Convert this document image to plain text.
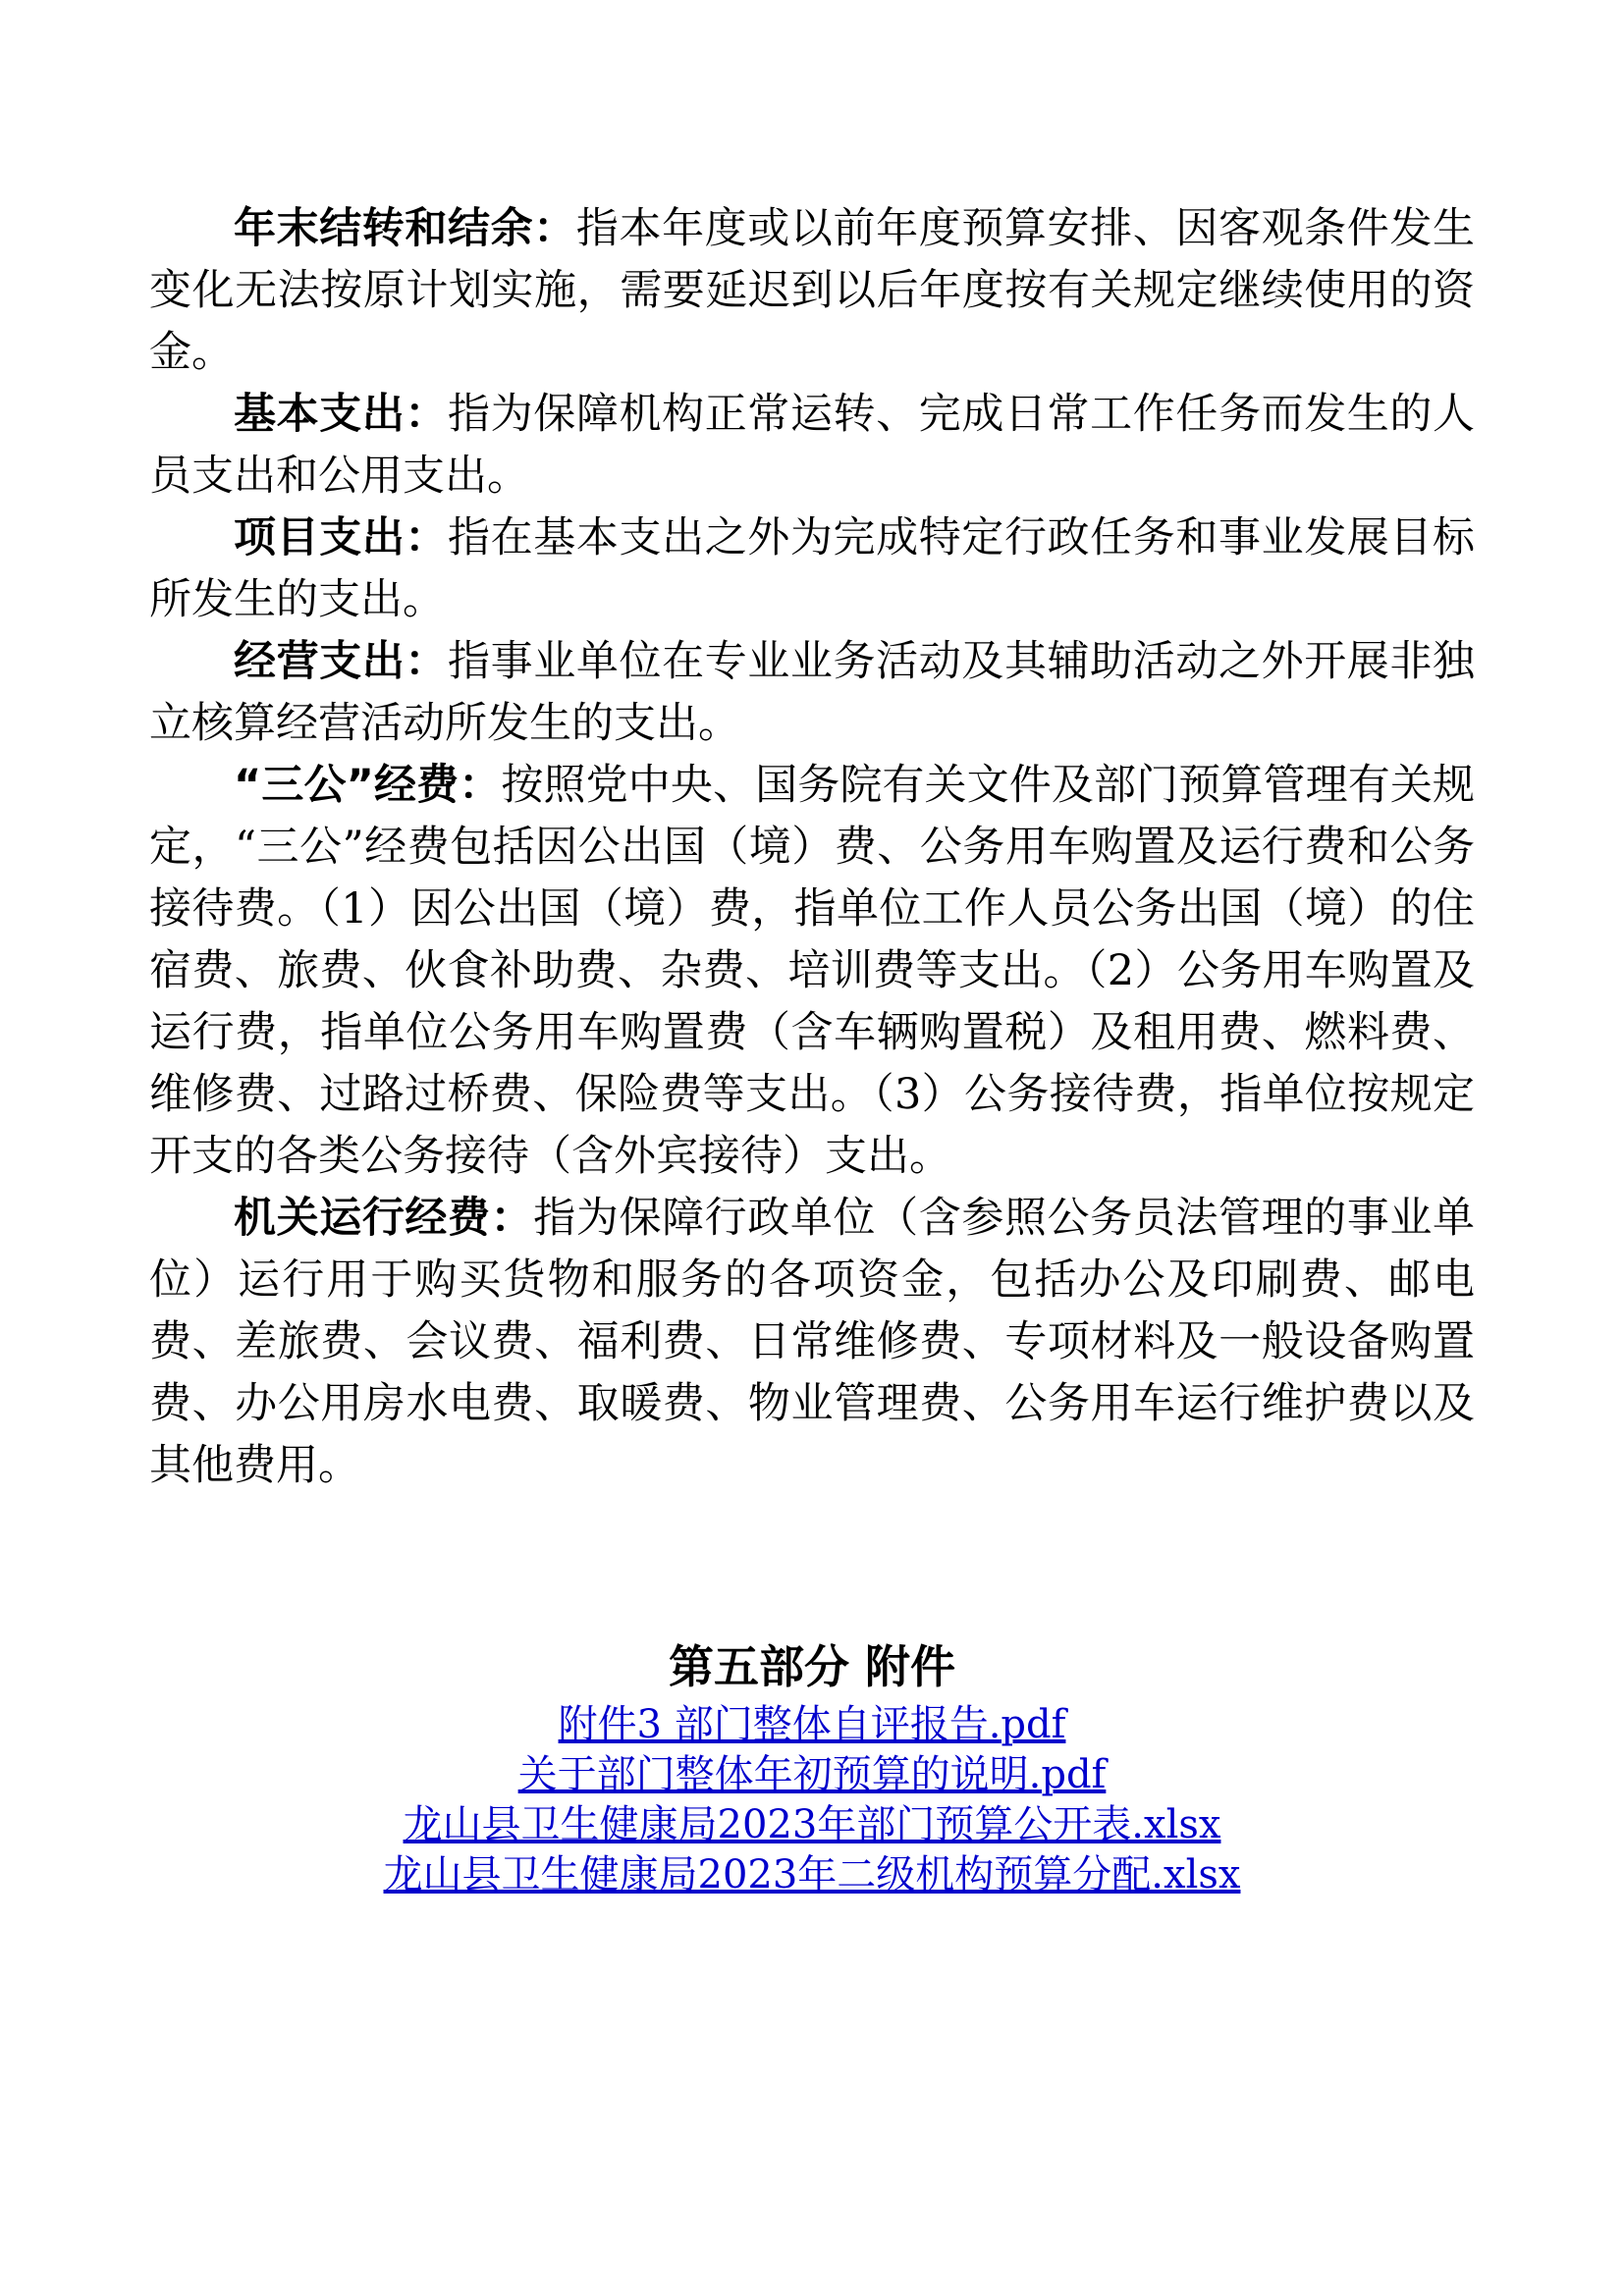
年末结转和结余：指本年度或以前年度预算安排、因客观条件发生变化无法按原计划实施，需要延迟到以后年度按有关规定继续使用的资金。

基本支出：指为保障机构正常运转、完成日常工作任务而发生的人员支出和公用支出。

项目支出：指在基本支出之外为完成特定行政任务和事业发展目标所发生的支出。

经营支出：指事业单位在专业业务活动及其辅助活动之外开展非独立核算经营活动所发生的支出。

“三公”经费：按照党中央、国务院有关文件及部门预算管理有关规定，“三公”经费包括因公出国（境）费、公务用车购置及运行费和公务接待费。（1）因公出国（境）费，指单位工作人员公务出国（境）的住宿费、旅费、伙食补助费、杂费、培训费等支出。（2）公务用车购置及运行费，指单位公务用车购置费（含车辆购置税）及租用费、燃料费、维修费、过路过桥费、保险费等支出。（3）公务接待费，指单位按规定开支的各类公务接待（含外宾接待）支出。

机关运行经费：指为保障行政单位（含参照公务员法管理的事业单位）运行用于购买货物和服务的各项资金，包括办公及印刷费、邮电费、差旅费、会议费、福利费、日常维修费、专项材料及一般设备购置费、办公用房水电费、取暖费、物业管理费、公务用车运行维护费以及其他费用。

第五部分 附件
附件3 部门整体自评报告.pdf
关于部门整体年初预算的说明.pdf
龙山县卫生健康局2023年部门预算公开表.xlsx
龙山县卫生健康局2023年二级机构预算分配.xlsx
